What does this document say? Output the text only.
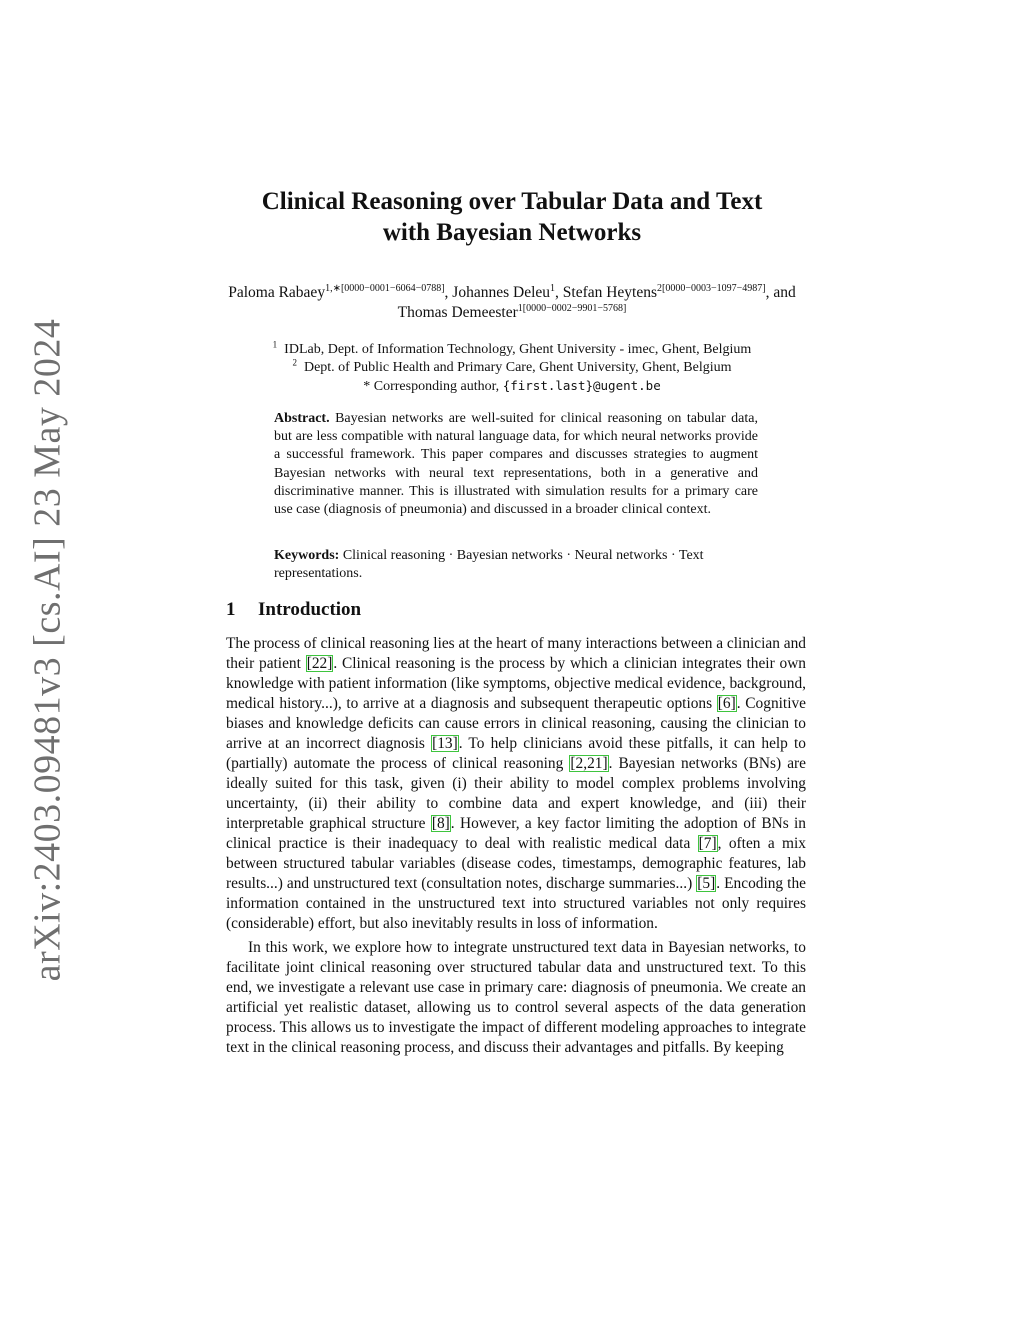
arXiv:2403.09481v3 [cs.AI] 23 May 2024
Clinical Reasoning over Tabular Data and Text
with Bayesian Networks
Paloma Rabaey$^{1,∗[0000-0001-6064-0788]}$, Johannes Deleu$^1$, Stefan Heytens$^{2[0000-0003-1097-4987]}$, and Thomas Demeester$^{1[0000-0002-9901-5768]}$
$^1$ IDLab, Dept. of Information Technology, Ghent University - imec, Ghent, Belgium
$^2$ Dept. of Public Health and Primary Care, Ghent University, Ghent, Belgium
* Corresponding author, {first.last}@ugent.be
Abstract. Bayesian networks are well-suited for clinical reasoning on tabular data, but are less compatible with natural language data, for which neural networks provide a successful framework. This paper compares and discusses strategies to augment Bayesian networks with neural text representations, both in a generative and discriminative manner. This is illustrated with simulation results for a primary care use case (diagnosis of pneumonia) and discussed in a broader clinical context.
Keywords: Clinical reasoning · Bayesian networks · Neural networks · Text representations.
1 Introduction

The process of clinical reasoning lies at the heart of many interactions between a clinician and their patient [22]. Clinical reasoning is the process by which a clinician integrates their own knowledge with patient information (like symptoms, objective medical evidence, background, medical history...), to arrive at a diagnosis and subsequent therapeutic options [6]. Cognitive biases and knowledge deficits can cause errors in clinical reasoning, causing the clinician to arrive at an incorrect diagnosis [13]. To help clinicians avoid these pitfalls, it can help to (partially) automate the process of clinical reasoning [2,21]. Bayesian networks (BNs) are ideally suited for this task, given (i) their ability to model complex problems involving uncertainty, (ii) their ability to combine data and expert knowledge, and (iii) their interpretable graphical structure [8]. However, a key factor limiting the adoption of BNs in clinical practice is their inadequacy to deal with realistic medical data [7], often a mix between structured tabular variables (disease codes, timestamps, demographic features, lab results...) and unstructured text (consultation notes, discharge summaries...) [5]. Encoding the information contained in the unstructured text into structured variables not only requires (considerable) effort, but also inevitably results in loss of information.

In this work, we explore how to integrate unstructured text data in Bayesian networks, to facilitate joint clinical reasoning over structured tabular data and unstructured text. To this end, we investigate a relevant use case in primary care: diagnosis of pneumonia. We create an artificial yet realistic dataset, allowing us to control several aspects of the data generation process. This allows us to investigate the impact of different modeling approaches to integrate text in the clinical reasoning process, and discuss their advantages and pitfalls. By keeping
